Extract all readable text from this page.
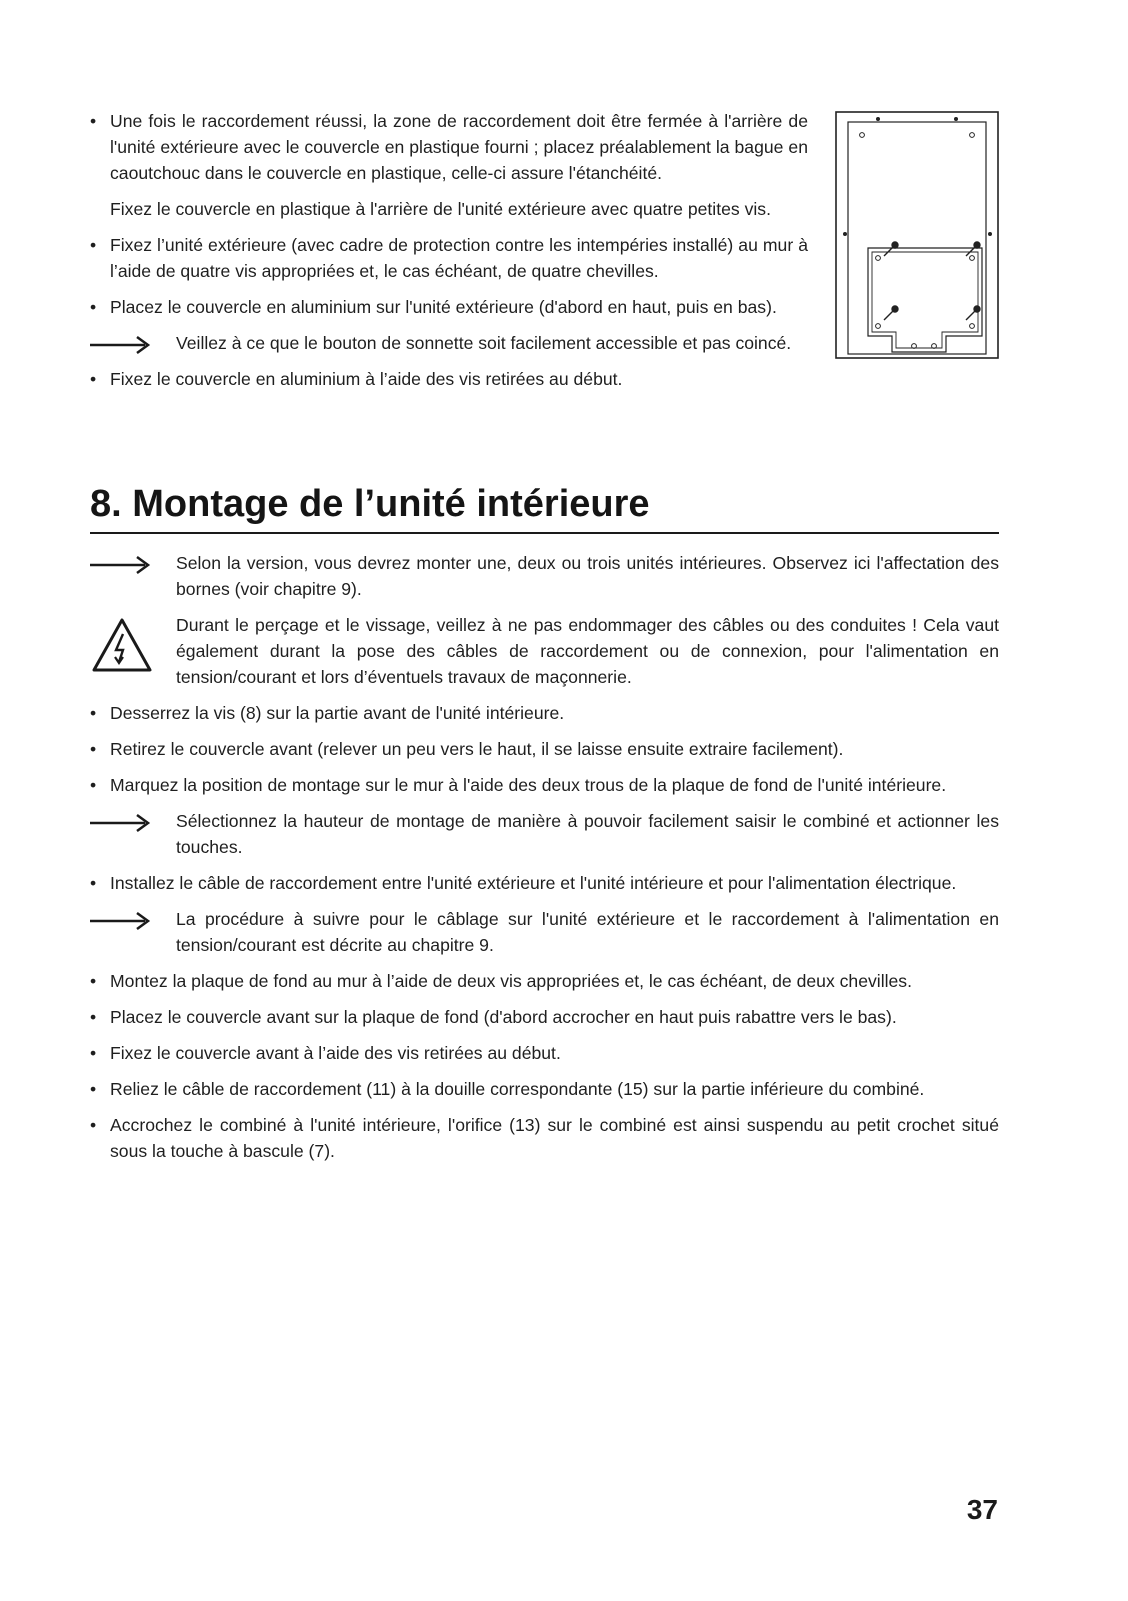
• Une fois le raccordement réussi, la zone de raccordement doit être fermée à l'arrière de l'unité extérieure avec le couvercle en plastique fourni ; placez préalablement la bague en caoutchouc dans le couvercle en plastique, celle-ci assure l'étanchéité.
Fixez le couvercle en plastique à l'arrière de l'unité extérieure avec quatre petites vis.
• Fixez l’unité extérieure (avec cadre de protection contre les intempéries installé) au mur à l’aide de quatre vis appropriées et, le cas échéant, de quatre chevilles.
• Placez le couvercle en aluminium sur l'unité extérieure (d'abord en haut, puis en bas).
Veillez à ce que le bouton de sonnette soit facilement accessible et pas coincé.
• Fixez le couvercle en aluminium à l’aide des vis retirées au début.
8. Montage de l’unité intérieure
Selon la version, vous devrez monter une, deux ou trois unités intérieures. Observez ici l'affectation des bornes (voir chapitre 9).
Durant le perçage et le vissage, veillez à ne pas endommager des câbles ou des conduites ! Cela vaut également durant la pose des câbles de raccordement ou de connexion, pour l'alimentation en tension/courant et lors d’éventuels travaux de maçonnerie.
• Desserrez la vis (8) sur la partie avant de l'unité intérieure.
• Retirez le couvercle avant (relever un peu vers le haut, il se laisse ensuite extraire facilement).
• Marquez la position de montage sur le mur à l'aide des deux trous de la plaque de fond de l'unité intérieure.
Sélectionnez la hauteur de montage de manière à pouvoir facilement saisir le combiné et actionner les touches.
• Installez le câble de raccordement entre l'unité extérieure et l'unité intérieure et pour l'alimentation électrique.
La procédure à suivre pour le câblage sur l'unité extérieure et le raccordement à l'alimentation en tension/courant est décrite au chapitre 9.
• Montez la plaque de fond au mur à l’aide de deux vis appropriées et, le cas échéant, de deux chevilles.
• Placez le couvercle avant sur la plaque de fond (d'abord accrocher en haut puis rabattre vers le bas).
• Fixez le couvercle avant à l’aide des vis retirées au début.
• Reliez le câble de raccordement (11) à la douille correspondante (15) sur la partie inférieure du combiné.
• Accrochez le combiné à l'unité intérieure, l'orifice (13) sur le combiné est ainsi suspendu au petit crochet situé sous la touche à bascule (7).
37
